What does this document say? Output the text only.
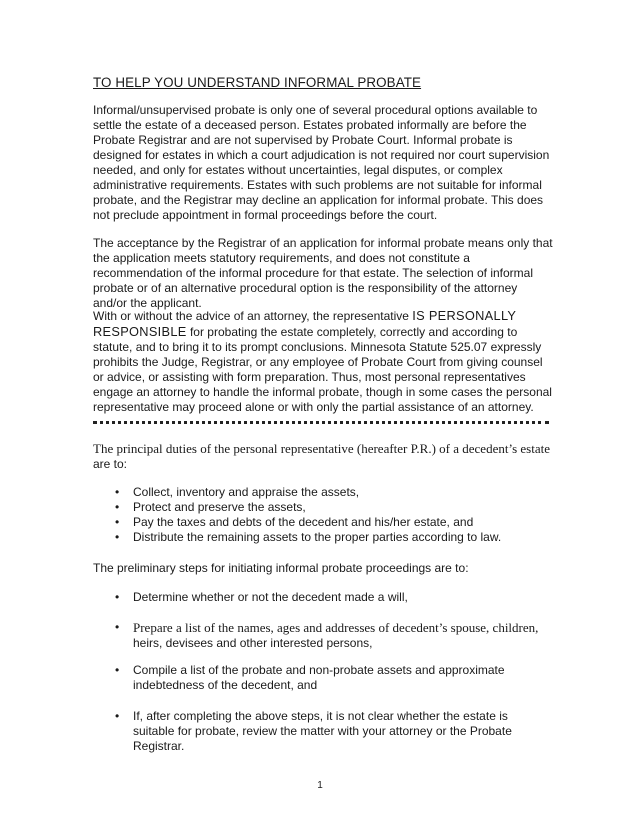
TO HELP YOU UNDERSTAND INFORMAL PROBATE

Informal/unsupervised probate is only one of several procedural options available to settle the estate of a deceased person. Estates probated informally are before the Probate Registrar and are not supervised by Probate Court. Informal probate is designed for estates in which a court adjudication is not required nor court supervision needed, and only for estates without uncertainties, legal disputes, or complex administrative requirements. Estates with such problems are not suitable for informal probate, and the Registrar may decline an application for informal probate. This does not preclude appointment in formal proceedings before the court.

The acceptance by the Registrar of an application for informal probate means only that the application meets statutory requirements, and does not constitute a recommendation of the informal procedure for that estate. The selection of informal probate or of an alternative procedural option is the responsibility of the attorney and/or the applicant.

With or without the advice of an attorney, the representative IS PERSONALLY RESPONSIBLE for probating the estate completely, correctly and according to statute, and to bring it to its prompt conclusions. Minnesota Statute 525.07 expressly prohibits the Judge, Registrar, or any employee of Probate Court from giving counsel or advice, or assisting with form preparation. Thus, most personal representatives engage an attorney to handle the informal probate, though in some cases the personal representative may proceed alone or with only the partial assistance of an attorney.

The principal duties of the personal representative (hereafter P.R.) of a decedent’s estate
are to:

• Collect, inventory and appraise the assets,
• Protect and preserve the assets,
• Pay the taxes and debts of the decedent and his/her estate, and
• Distribute the remaining assets to the proper parties according to law.

The preliminary steps for initiating informal probate proceedings are to:

• Determine whether or not the decedent made a will,
• Prepare a list of the names, ages and addresses of decedent’s spouse, children,
heirs, devisees and other interested persons,
• Compile a list of the probate and non-probate assets and approximate indebtedness of the decedent, and
• If, after completing the above steps, it is not clear whether the estate is suitable for probate, review the matter with your attorney or the Probate Registrar.
1
